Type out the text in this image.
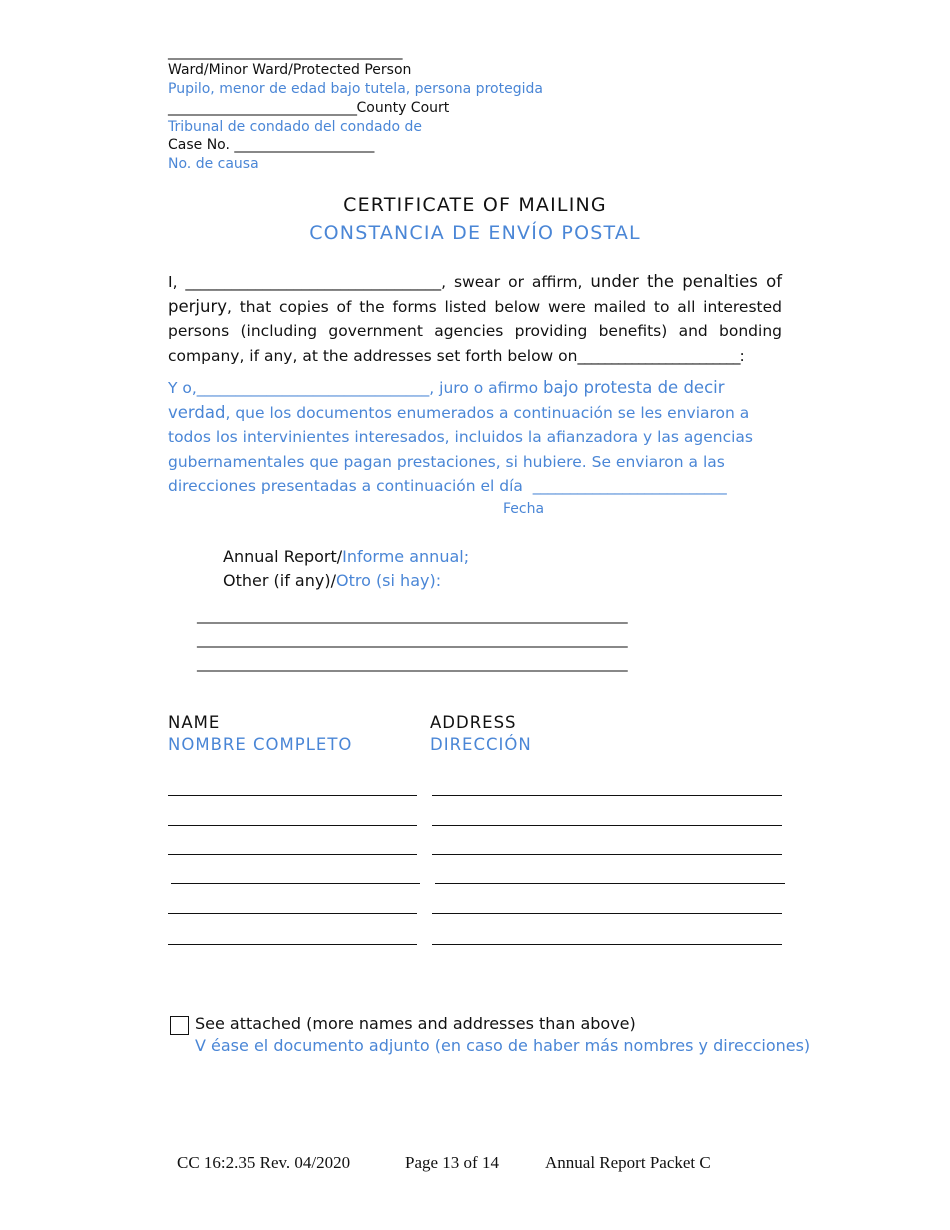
____________________________________
Ward/Minor Ward/Protected Person
Pupilo, menor de edad bajo tutela, persona protegida
_____________________________County Court
Tribunal de condado del condado de
Case No. ____________________
No. de causa
CERTIFICATE OF MAILING
CONSTANCIA DE ENVÍO POSTAL
I, _________________________________, swear or affirm, under the penalties of perjury, that copies of the forms listed below were mailed to all interested persons (including government agencies providing benefits) and bonding company, if any, at the addresses set forth below on________________________:
Y o,______________________________, juro o afirmo bajo protesta de decir verdad, que los documentos enumerados a continuación se les enviaron a todos los intervinientes interesados, incluidos la afianzadora y las agencias gubernamentales que pagan prestaciones, si hubiere. Se enviaron a las direcciones presentadas a continuación el día __________________________
Fecha
Annual Report/Informe annual;
Other (if any)/Otro (si hay):
_________________________________________________________________
_________________________________________________________________
_________________________________________________________________
NAME
NOMBRE COMPLETO
ADDRESS
DIRECCIÓN
See attached (more names and addresses than above)
V éase el documento adjunto (en caso de haber más nombres y direcciones)
CC 16:2.35 Rev. 04/2020	Page 13 of 14	Annual Report Packet C
